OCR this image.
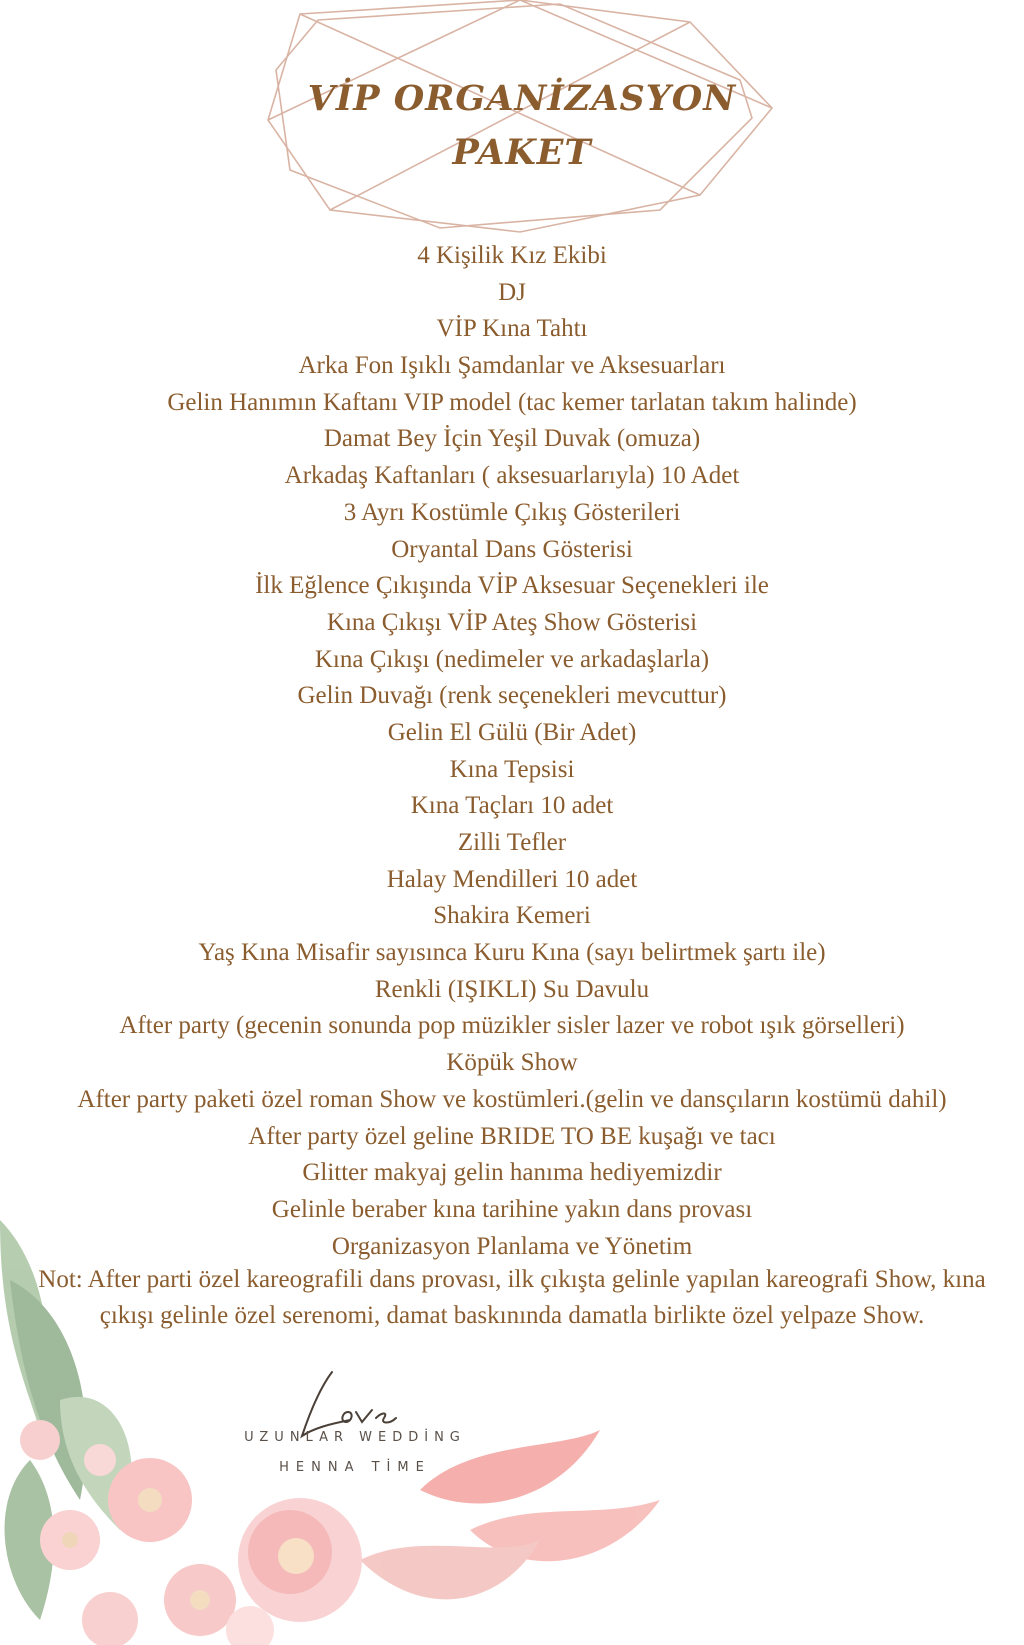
VİP ORGANİZASYON
PAKET
4 Kişilik Kız Ekibi
DJ
VİP Kına Tahtı
Arka Fon Işıklı Şamdanlar ve Aksesuarları
Gelin Hanımın Kaftanı VIP model (tac kemer tarlatan takım halinde)
Damat Bey İçin Yeşil Duvak (omuza)
Arkadaş Kaftanları ( aksesuarlarıyla) 10 Adet
3 Ayrı Kostümle Çıkış Gösterileri
Oryantal Dans Gösterisi
İlk Eğlence Çıkışında VİP Aksesuar Seçenekleri ile
Kına Çıkışı VİP Ateş Show Gösterisi
Kına Çıkışı (nedimeler ve arkadaşlarla)
Gelin Duvağı (renk seçenekleri mevcuttur)
Gelin El Gülü (Bir Adet)
Kına Tepsisi
Kına Taçları 10 adet
Zilli Tefler
Halay Mendilleri 10 adet
Shakira Kemeri
Yaş Kına Misafir sayısınca Kuru Kına (sayı belirtmek şartı ile)
Renkli (IŞIKLI) Su Davulu
After party (gecenin sonunda pop müzikler sisler lazer ve robot ışık görselleri)
Köpük Show
After party paketi özel roman Show ve kostümleri.(gelin ve dansçıların kostümü dahil)
After party özel geline BRIDE TO BE kuşağı ve tacı
Glitter makyaj gelin hanıma hediyemizdir
Gelinle beraber kına tarihine yakın dans provası
Organizasyon Planlama ve Yönetim

Not: After parti özel kareografili dans provası, ilk çıkışta gelinle yapılan kareografi Show, kına çıkışı gelinle özel serenomi, damat baskınında damatla birlikte özel yelpaze Show.

UZUNLAR WEDDİNG
HENNA TİME
